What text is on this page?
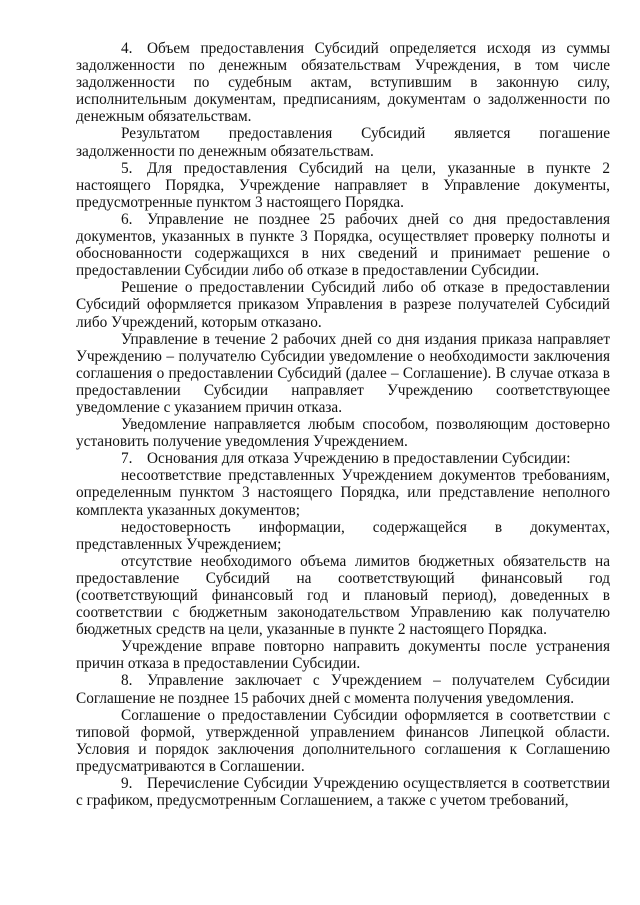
4. Объем предоставления Субсидий определяется исходя из суммы задолженности по денежным обязательствам Учреждения, в том числе задолженности по судебным актам, вступившим в законную силу, исполнительным документам, предписаниям, документам о задолженности по денежным обязательствам.

Результатом предоставления Субсидий является погашение задолженности по денежным обязательствам.

5. Для предоставления Субсидий на цели, указанные в пункте 2 настоящего Порядка, Учреждение направляет в Управление документы, предусмотренные пунктом 3 настоящего Порядка.

6. Управление не позднее 25 рабочих дней со дня предоставления документов, указанных в пункте 3 Порядка, осуществляет проверку полноты и обоснованности содержащихся в них сведений и принимает решение о предоставлении Субсидии либо об отказе в предоставлении Субсидии.

Решение о предоставлении Субсидий либо об отказе в предоставлении Субсидий оформляется приказом Управления в разрезе получателей Субсидий либо Учреждений, которым отказано.

Управление в течение 2 рабочих дней со дня издания приказа направляет Учреждению – получателю Субсидии уведомление о необходимости заключения соглашения о предоставлении Субсидий (далее – Соглашение). В случае отказа в предоставлении Субсидии направляет Учреждению соответствующее уведомление с указанием причин отказа.

Уведомление направляется любым способом, позволяющим достоверно установить получение уведомления Учреждением.

7. Основания для отказа Учреждению в предоставлении Субсидии:

несоответствие представленных Учреждением документов требованиям, определенным пунктом 3 настоящего Порядка, или представление неполного комплекта указанных документов;

недостоверность информации, содержащейся в документах, представленных Учреждением;

отсутствие необходимого объема лимитов бюджетных обязательств на предоставление Субсидий на соответствующий финансовый год (соответствующий финансовый год и плановый период), доведенных в соответствии с бюджетным законодательством Управлению как получателю бюджетных средств на цели, указанные в пункте 2 настоящего Порядка.

Учреждение вправе повторно направить документы после устранения причин отказа в предоставлении Субсидии.

8. Управление заключает с Учреждением – получателем Субсидии Соглашение не позднее 15 рабочих дней с момента получения уведомления.

Соглашение о предоставлении Субсидии оформляется в соответствии с типовой формой, утвержденной управлением финансов Липецкой области. Условия и порядок заключения дополнительного соглашения к Соглашению предусматриваются в Соглашении.

9. Перечисление Субсидии Учреждению осуществляется в соответствии с графиком, предусмотренным Соглашением, а также с учетом требований,
